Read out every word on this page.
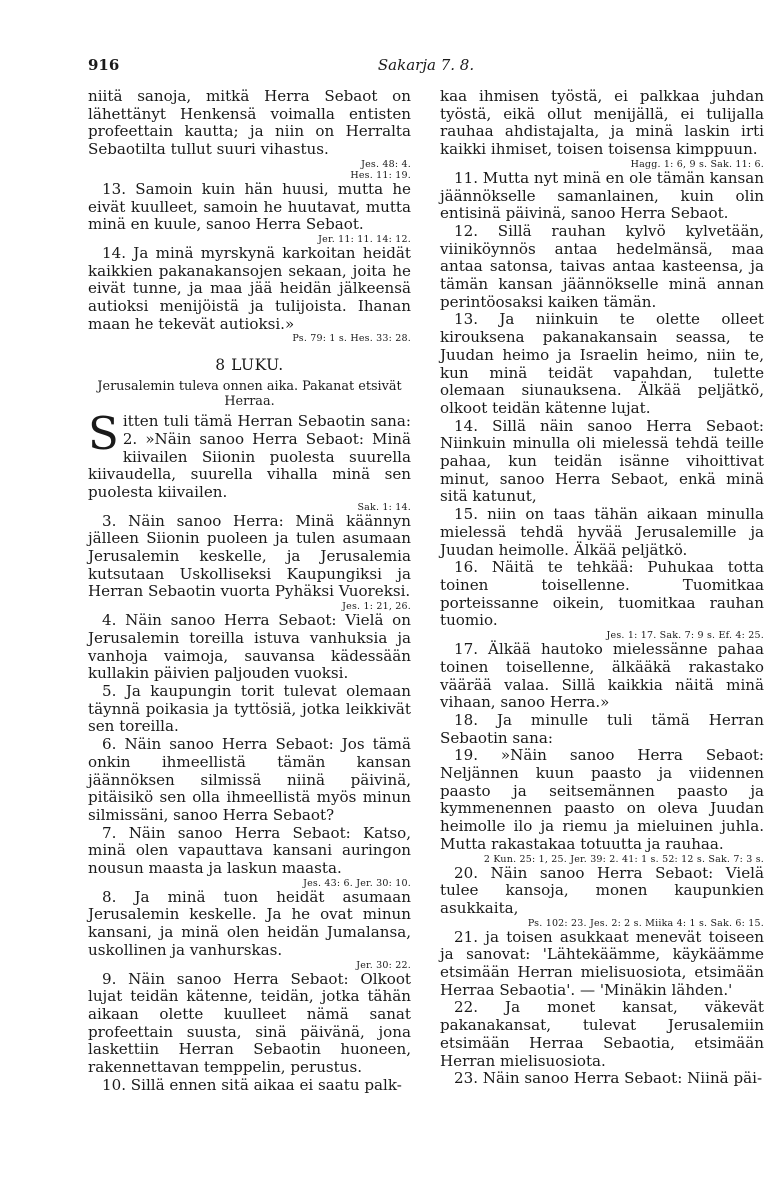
916	Sakarja 7. 8.

niitä sanoja, mitkä Herra Sebaot on lähettänyt Henkensä voimalla entisten profeettain kautta; ja niin on Herralta Sebaotilta tullut suuri vihastus.

Jes. 48: 4.

Hes. 11: 19.

13. Samoin kuin hän huusi, mutta he eivät kuulleet, samoin he huutavat, mutta minä en kuule, sanoo Herra Sebaot.

Jer. 11: 11. 14: 12.

14. Ja minä myrskynä karkoitan heidät kaikkien pakanakansojen sekaan, joita he eivät tunne, ja maa jää heidän jälkeensä autioksi menijöistä ja tulijoista. Ihanan maan he tekevät autioksi.»

Ps. 79: 1 s. Hes. 33: 28.

8 LUKU.
Jerusalemin tuleva onnen aika. Pakanat etsivät Herraa.

Sitten tuli tämä Herran Sebaotin sana: 2. »Näin sanoo Herra Sebaot: Minä kiivailen Siionin puolesta suurella kiivaudella, suurella vihalla minä sen puolesta kiivailen.

Sak. 1: 14.

3. Näin sanoo Herra: Minä käännyn jälleen Siionin puoleen ja tulen asumaan Jerusalemin keskelle, ja Jerusalemia kutsutaan Uskolliseksi Kaupungiksi ja Herran Sebaotin vuorta Pyhäksi Vuoreksi.

Jes. 1: 21, 26.

4. Näin sanoo Herra Sebaot: Vielä on Jerusalemin toreilla istuva vanhuksia ja vanhoja vaimoja, sauvansa kädessään kullakin päivien paljouden vuoksi.

5. Ja kaupungin torit tulevat olemaan täynnä poikasia ja tyttösiä, jotka leikkivät sen toreilla.

6. Näin sanoo Herra Sebaot: Jos tämä onkin ihmeellistä tämän kansan jäännöksen silmissä niinä päivinä, pitäisikö sen olla ihmeellistä myös minun silmissäni, sanoo Herra Sebaot?

7. Näin sanoo Herra Sebaot: Katso, minä olen vapauttava kansani auringon nousun maasta ja laskun maasta.

Jes. 43: 6. Jer. 30: 10.

8. Ja minä tuon heidät asumaan Jerusalemin keskelle. Ja he ovat minun kansani, ja minä olen heidän Jumalansa, uskollinen ja vanhurskas.

Jer. 30: 22.

9. Näin sanoo Herra Sebaot: Olkoot lujat teidän kätenne, teidän, jotka tähän aikaan olette kuulleet nämä sanat profeettain suusta, sinä päivänä, jona laskettiin Herran Sebaotin huoneen, rakennettavan temppelin, perustus.

10. Sillä ennen sitä aikaa ei saatu palk-

kaa ihmisen työstä, ei palkkaa juhdan työstä, eikä ollut menijällä, ei tulijalla rauhaa ahdistajalta, ja minä laskin irti kaikki ihmiset, toisen toisensa kimppuun.

Hagg. 1: 6, 9 s. Sak. 11: 6.

11. Mutta nyt minä en ole tämän kansan jäännökselle samanlainen, kuin olin entisinä päivinä, sanoo Herra Sebaot.

12. Sillä rauhan kylvö kylvetään, viiniköynnös antaa hedelmänsä, maa antaa satonsa, taivas antaa kasteensa, ja tämän kansan jäännökselle minä annan perintöosaksi kaiken tämän.

13. Ja niinkuin te olette olleet kirouksena pakanakansain seassa, te Juudan heimo ja Israelin heimo, niin te, kun minä teidät vapahdan, tulette olemaan siunauksena. Älkää peljätkö, olkoot teidän kätenne lujat.

14. Sillä näin sanoo Herra Sebaot: Niinkuin minulla oli mielessä tehdä teille pahaa, kun teidän isänne vihoittivat minut, sanoo Herra Sebaot, enkä minä sitä katunut,

15. niin on taas tähän aikaan minulla mielessä tehdä hyvää Jerusalemille ja Juudan heimolle. Älkää peljätkö.

16. Näitä te tehkää: Puhukaa totta toinen toisellenne. Tuomitkaa porteissanne oikein, tuomitkaa rauhan tuomio.

Jes. 1: 17. Sak. 7: 9 s. Ef. 4: 25.

17. Älkää hautoko mielessänne pahaa toinen toisellenne, älkääkä rakastako väärää valaa. Sillä kaikkia näitä minä vihaan, sanoo Herra.»

18. Ja minulle tuli tämä Herran Sebaotin sana:

19. »Näin sanoo Herra Sebaot: Neljännen kuun paasto ja viidennen paasto ja seitsemännen paasto ja kymmenennen paasto on oleva Juudan heimolle ilo ja riemu ja mieluinen juhla. Mutta rakastakaa totuutta ja rauhaa.

2 Kun. 25: 1, 25. Jer. 39: 2. 41: 1 s. 52: 12 s. Sak. 7: 3 s.

20. Näin sanoo Herra Sebaot: Vielä tulee kansoja, monen kaupunkien asukkaita,

Ps. 102: 23. Jes. 2: 2 s. Miika 4: 1 s. Sak. 6: 15.

21. ja toisen asukkaat menevät toiseen ja sanovat: 'Lähtekäämme, käykäämme etsimään Herran mielisuosiota, etsimään Herraa Sebaotia'. — 'Minäkin lähden.'

22. Ja monet kansat, väkevät pakanakansat, tulevat Jerusalemiin etsimään Herraa Sebaotia, etsimään Herran mielisuosiota.

23. Näin sanoo Herra Sebaot: Niinä päi-
